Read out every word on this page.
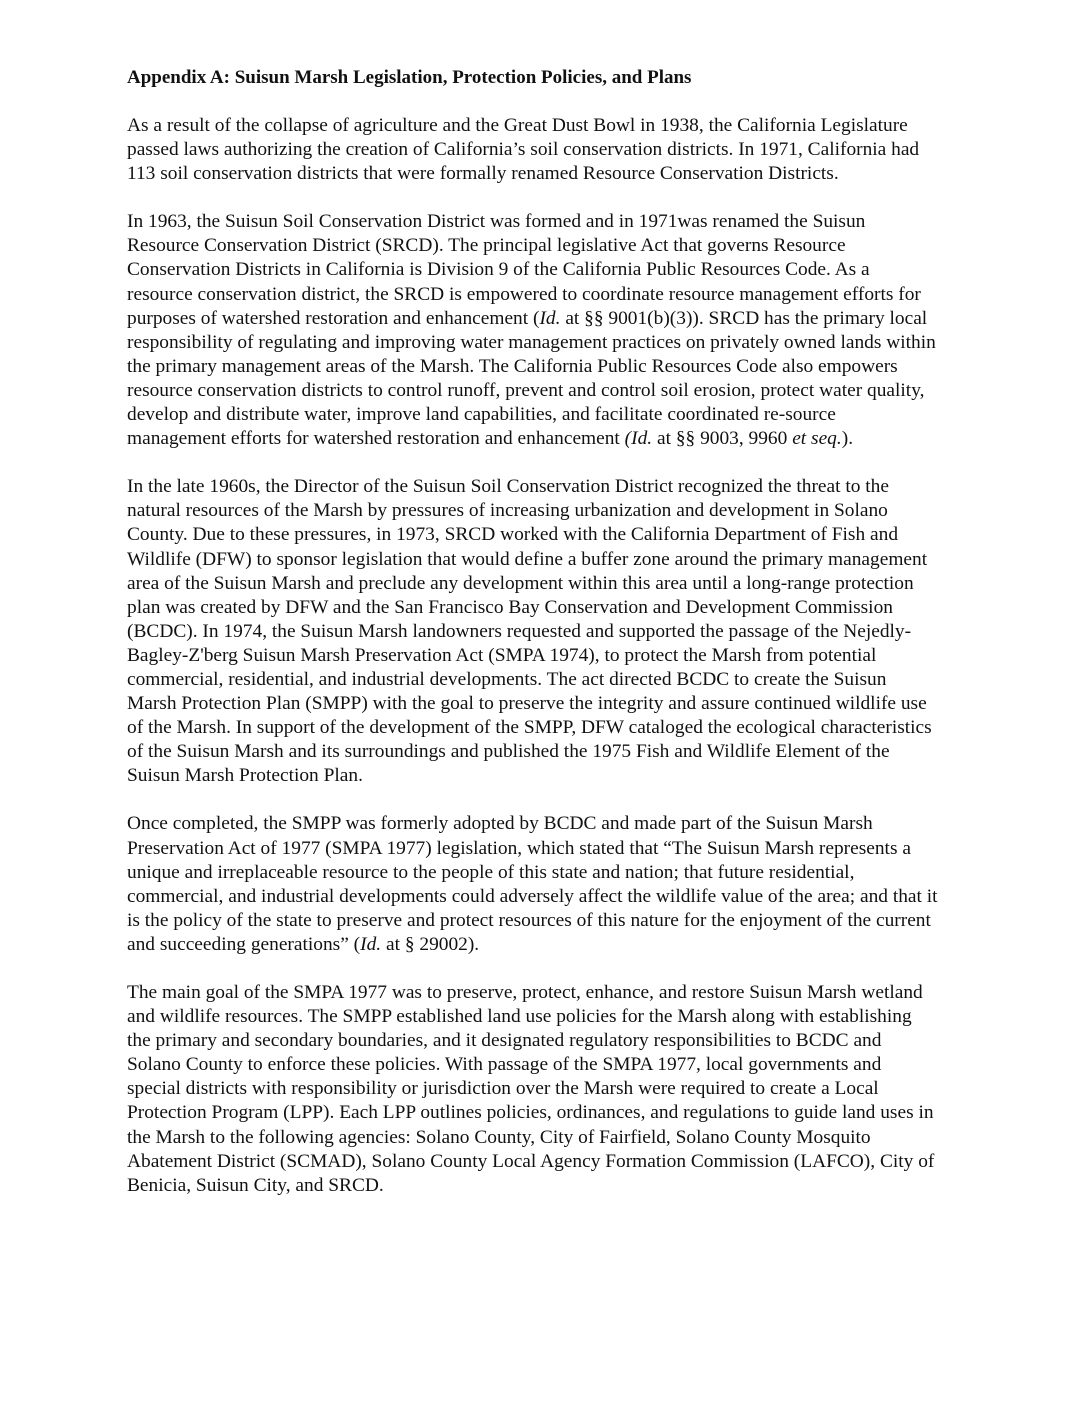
Appendix A: Suisun Marsh Legislation, Protection Policies, and Plans

As a result of the collapse of agriculture and the Great Dust Bowl in 1938, the California Legislature passed laws authorizing the creation of California’s soil conservation districts. In 1971, California had 113 soil conservation districts that were formally renamed Resource Conservation Districts.

In 1963, the Suisun Soil Conservation District was formed and in 1971was renamed the Suisun Resource Conservation District (SRCD). The principal legislative Act that governs Resource Conservation Districts in California is Division 9 of the California Public Resources Code. As a resource conservation district, the SRCD is empowered to coordinate resource management efforts for purposes of watershed restoration and enhancement (Id. at §§ 9001(b)(3)). SRCD has the primary local responsibility of regulating and improving water management practices on privately owned lands within the primary management areas of the Marsh. The California Public Resources Code also empowers resource conservation districts to control runoff, prevent and control soil erosion, protect water quality, develop and distribute water, improve land capabilities, and facilitate coordinated re-source management efforts for watershed restoration and enhancement (Id. at §§ 9003, 9960 et seq.).

In the late 1960s, the Director of the Suisun Soil Conservation District recognized the threat to the natural resources of the Marsh by pressures of increasing urbanization and development in Solano County. Due to these pressures, in 1973, SRCD worked with the California Department of Fish and Wildlife (DFW) to sponsor legislation that would define a buffer zone around the primary management area of the Suisun Marsh and preclude any development within this area until a long-range protection plan was created by DFW and the San Francisco Bay Conservation and Development Commission (BCDC). In 1974, the Suisun Marsh landowners requested and supported the passage of the Nejedly-Bagley-Z'berg Suisun Marsh Preservation Act (SMPA 1974), to protect the Marsh from potential commercial, residential, and industrial developments. The act directed BCDC to create the Suisun Marsh Protection Plan (SMPP) with the goal to preserve the integrity and assure continued wildlife use of the Marsh. In support of the development of the SMPP, DFW cataloged the ecological characteristics of the Suisun Marsh and its surroundings and published the 1975 Fish and Wildlife Element of the Suisun Marsh Protection Plan.

Once completed, the SMPP was formerly adopted by BCDC and made part of the Suisun Marsh Preservation Act of 1977 (SMPA 1977) legislation, which stated that “The Suisun Marsh represents a unique and irreplaceable resource to the people of this state and nation; that future residential, commercial, and industrial developments could adversely affect the wildlife value of the area; and that it is the policy of the state to preserve and protect resources of this nature for the enjoyment of the current and succeeding generations” (Id. at § 29002).

The main goal of the SMPA 1977 was to preserve, protect, enhance, and restore Suisun Marsh wetland and wildlife resources. The SMPP established land use policies for the Marsh along with establishing the primary and secondary boundaries, and it designated regulatory responsibilities to BCDC and Solano County to enforce these policies. With passage of the SMPA 1977, local governments and special districts with responsibility or jurisdiction over the Marsh were required to create a Local Protection Program (LPP). Each LPP outlines policies, ordinances, and regulations to guide land uses in the Marsh to the following agencies: Solano County, City of Fairfield, Solano County Mosquito Abatement District (SCMAD), Solano County Local Agency Formation Commission (LAFCO), City of Benicia, Suisun City, and SRCD.
